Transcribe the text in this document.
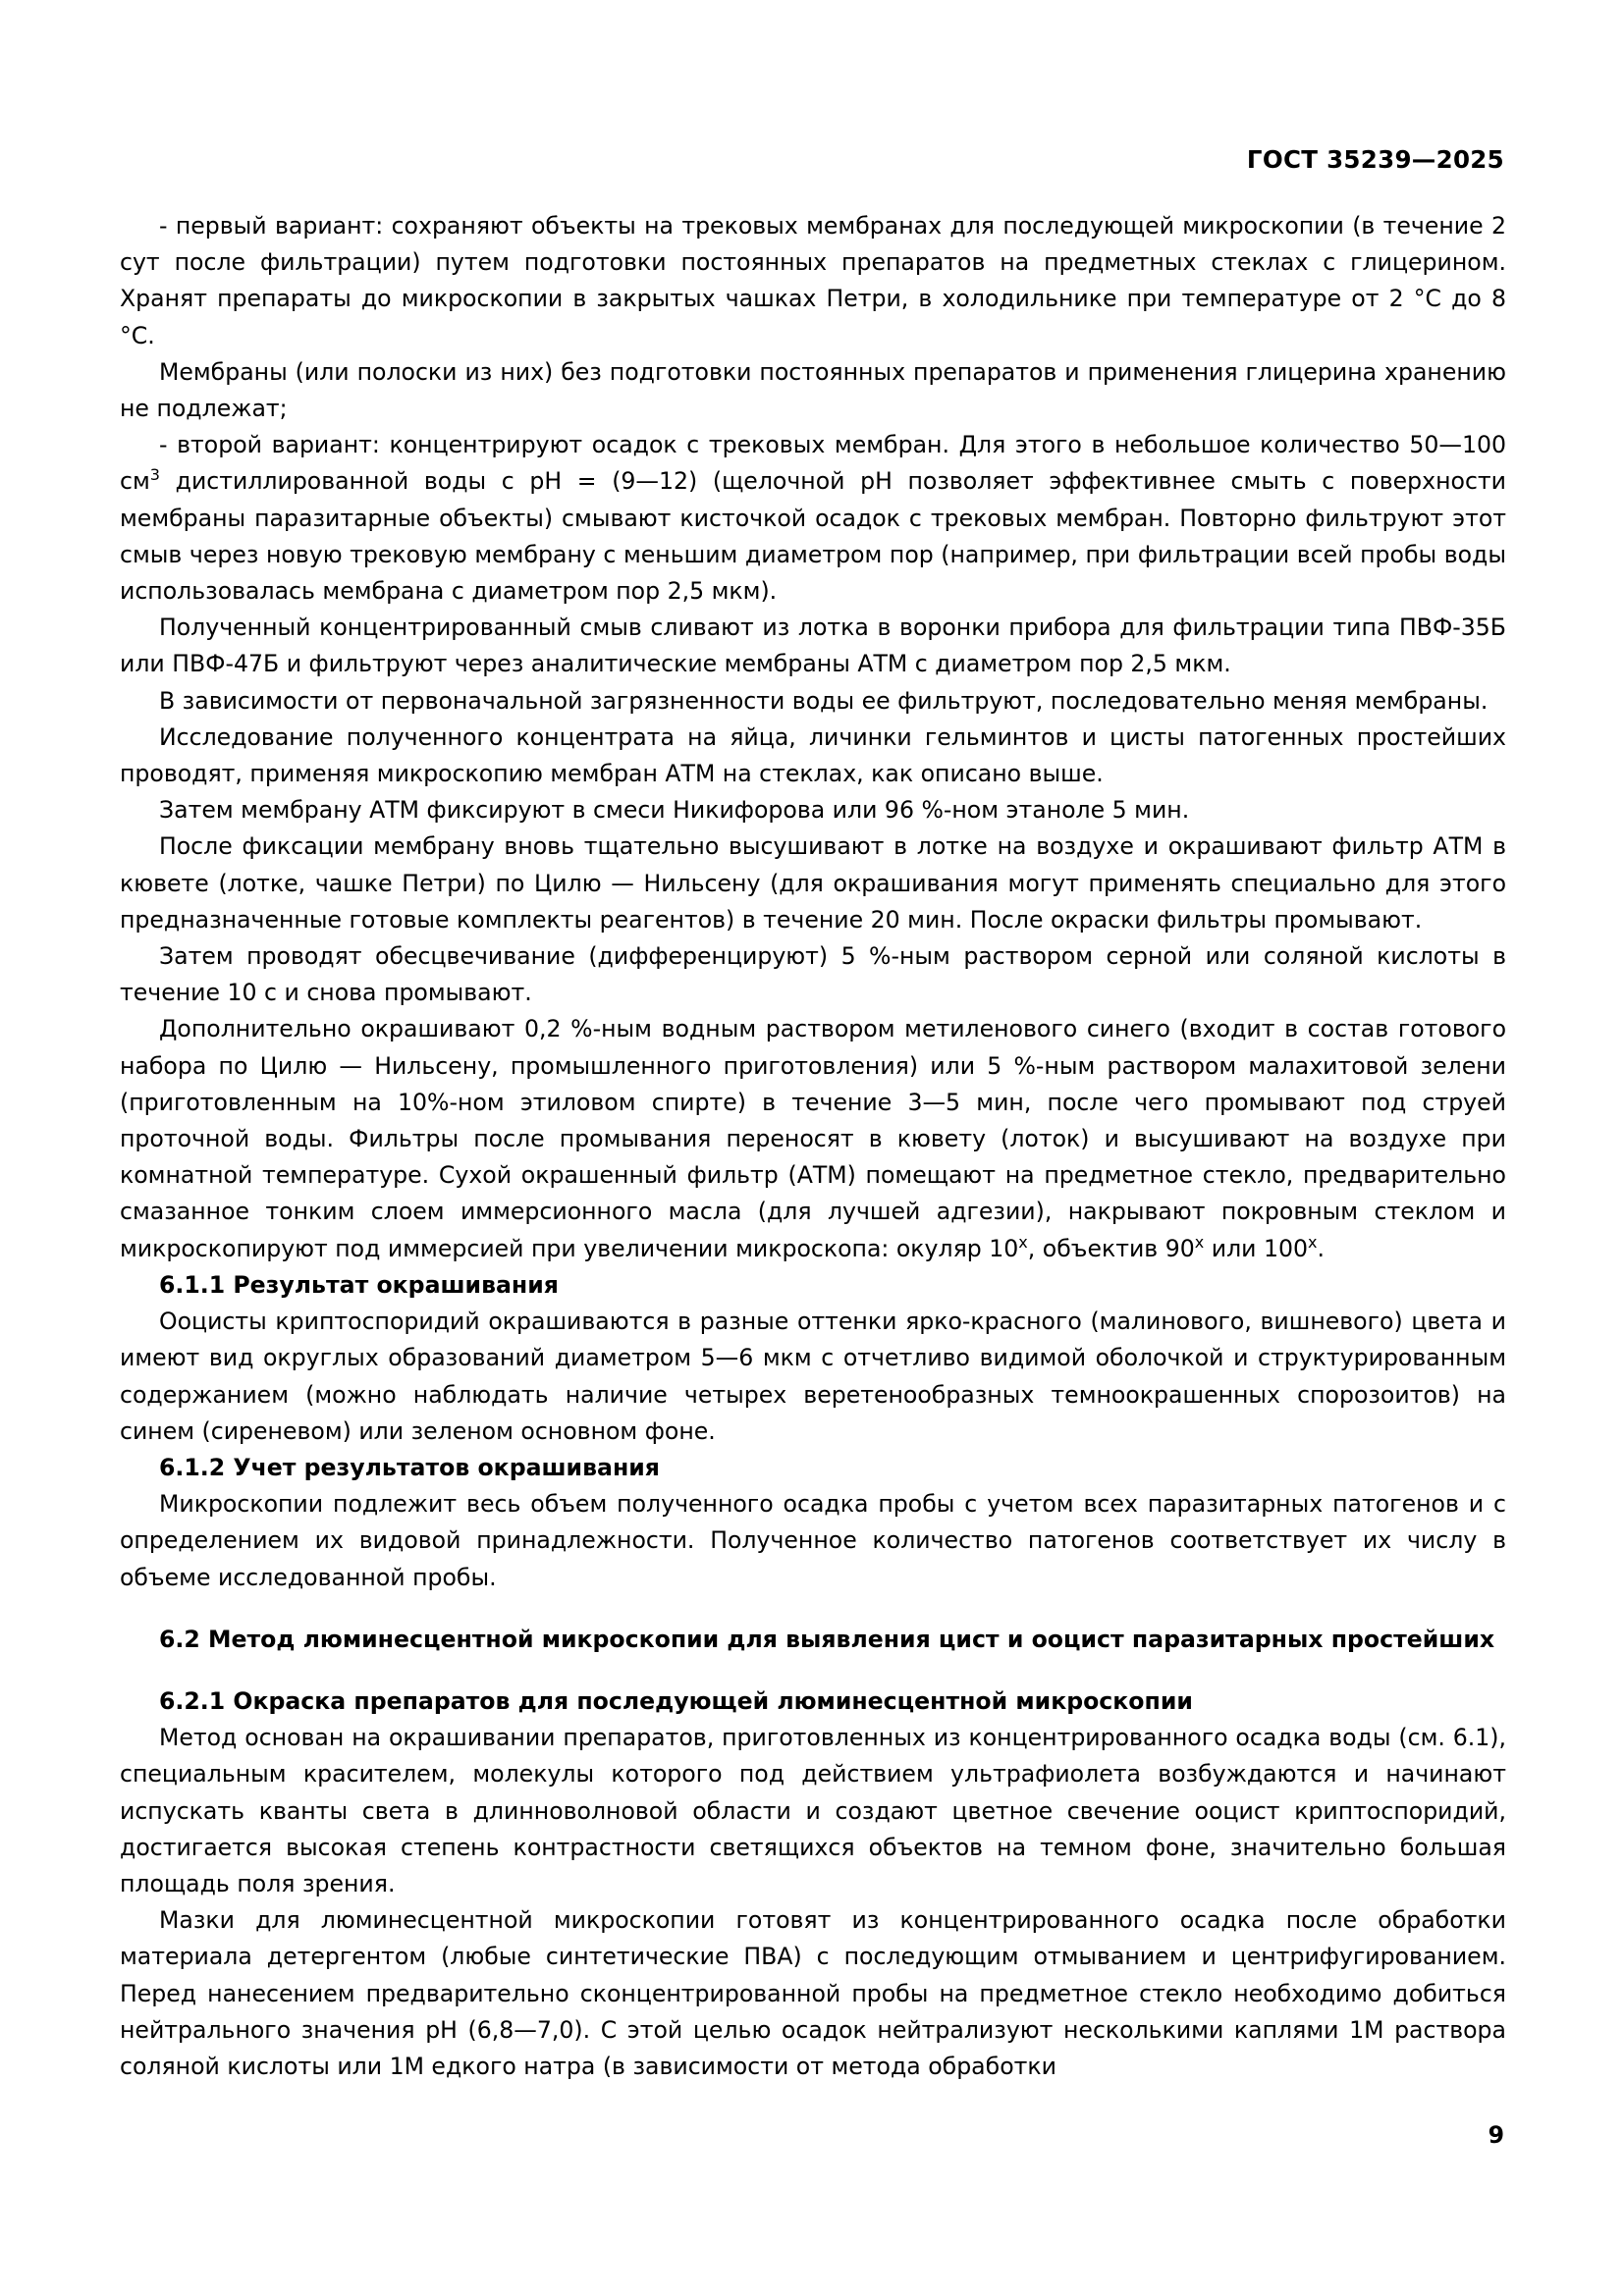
ГОСТ 35239—2025

- первый вариант: сохраняют объекты на трековых мембранах для последующей микроскопии (в течение 2 сут после фильтрации) путем подготовки постоянных препаратов на предметных стеклах с глицерином. Хранят препараты до микроскопии в закрытых чашках Петри, в холодильнике при температуре от 2 °С до 8 °С.

Мембраны (или полоски из них) без подготовки постоянных препаратов и применения глицерина хранению не подлежат;

- второй вариант: концентрируют осадок с трековых мембран. Для этого в небольшое количество 50—100 $см^3$ дистиллированной воды с рН = (9—12) (щелочной рН позволяет эффективнее смыть с поверхности мембраны паразитарные объекты) смывают кисточкой осадок с трековых мембран. Повторно фильтруют этот смыв через новую трековую мембрану с меньшим диаметром пор (например, при фильтрации всей пробы воды использовалась мембрана с диаметром пор 2,5 мкм).

Полученный концентрированный смыв сливают из лотка в воронки прибора для фильтрации типа ПВФ-35Б или ПВФ-47Б и фильтруют через аналитические мембраны АТМ с диаметром пор 2,5 мкм.

В зависимости от первоначальной загрязненности воды ее фильтруют, последовательно меняя мембраны.

Исследование полученного концентрата на яйца, личинки гельминтов и цисты патогенных простейших проводят, применяя микроскопию мембран АТМ на стеклах, как описано выше.

Затем мембрану АТМ фиксируют в смеси Никифорова или 96 %-ном этаноле 5 мин.

После фиксации мембрану вновь тщательно высушивают в лотке на воздухе и окрашивают фильтр АТМ в кювете (лотке, чашке Петри) по Цилю — Нильсену (для окрашивания могут применять специально для этого предназначенные готовые комплекты реагентов) в течение 20 мин. После окраски фильтры промывают.

Затем проводят обесцвечивание (дифференцируют) 5 %-ным раствором серной или соляной кислоты в течение 10 с и снова промывают.

Дополнительно окрашивают 0,2 %-ным водным раствором метиленового синего (входит в состав готового набора по Цилю — Нильсену, промышленного приготовления) или 5 %-ным раствором малахитовой зелени (приготовленным на 10%-ном этиловом спирте) в течение 3—5 мин, после чего промывают под струей проточной воды. Фильтры после промывания переносят в кювету (лоток) и высушивают на воздухе при комнатной температуре. Сухой окрашенный фильтр (АТМ) помещают на предметное стекло, предварительно смазанное тонким слоем иммерсионного масла (для лучшей адгезии), накрывают покровным стеклом и микроскопируют под иммерсией при увеличении микроскопа: окуляр $10^х$, объектив $90^х$ или $100^х$.

6.1.1 Результат окрашивания

Ооцисты криптоспоридий окрашиваются в разные оттенки ярко-красного (малинового, вишневого) цвета и имеют вид округлых образований диаметром 5—6 мкм с отчетливо видимой оболочкой и структурированным содержанием (можно наблюдать наличие четырех веретенообразных темноокрашенных спорозоитов) на синем (сиреневом) или зеленом основном фоне.

6.1.2 Учет результатов окрашивания

Микроскопии подлежит весь объем полученного осадка пробы с учетом всех паразитарных патогенов и с определением их видовой принадлежности. Полученное количество патогенов соответствует их числу в объеме исследованной пробы.

6.2 Метод люминесцентной микроскопии для выявления цист и ооцист паразитарных простейших
6.2.1 Окраска препаратов для последующей люминесцентной микроскопии

Метод основан на окрашивании препаратов, приготовленных из концентрированного осадка воды (см. 6.1), специальным красителем, молекулы которого под действием ультрафиолета возбуждаются и начинают испускать кванты света в длинноволновой области и создают цветное свечение ооцист криптоспоридий, достигается высокая степень контрастности светящихся объектов на темном фоне, значительно большая площадь поля зрения.

Мазки для люминесцентной микроскопии готовят из концентрированного осадка после обработки материала детергентом (любые синтетические ПВА) с последующим отмыванием и центрифугированием. Перед нанесением предварительно сконцентрированной пробы на предметное стекло необходимо добиться нейтрального значения рН (6,8—7,0). С этой целью осадок нейтрализуют несколькими каплями 1М раствора соляной кислоты или 1М едкого натра (в зависимости от метода обработки

9
